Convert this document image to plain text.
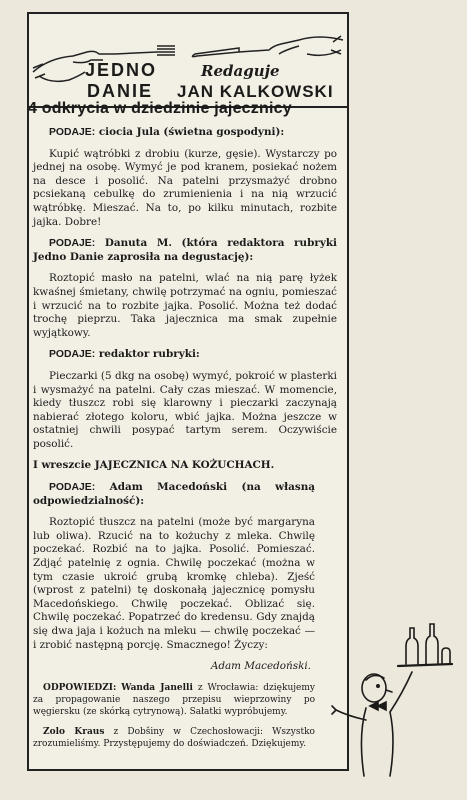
JEDNO
DANIE
Redaguje
JAN KALKOWSKI
4 odkrycia w dziedzinie jajecznicy

PODAJE: ciocia Jula (świetna gospodyni):

Kupić wątróbki z drobiu (kurze, gęsie). Wystarczy po jednej na osobę. Wymyć je pod kranem, posiekać nożem na desce i posolić. Na patelni przysmażyć drobno pcsiekaną cebulkę do zrumienienia i na nią wrzucić wątróbkę. Mieszać. Na to, po kilku minutach, rozbite jajka. Dobre!

PODAJE: Danuta M. (która redaktora rubryki Jedno Danie zaprosiła na degustację):

Roztopić masło na patelni, wlać na nią parę łyżek kwaśnej śmietany, chwilę potrzymać na ogniu, pomieszać i wrzucić na to rozbite jajka. Posolić. Można też dodać trochę pieprzu. Taka jajecznica ma smak zupełnie wyjątkowy.

PODAJE: redaktor rubryki:

Pieczarki (5 dkg na osobę) wymyć, pokroić w plasterki i wysmażyć na patelni. Cały czas mieszać. W momencie, kiedy tłuszcz robi się klarowny i pieczarki zaczynają nabierać złotego koloru, wbić jajka. Można jeszcze w ostatniej chwili posypać tartym serem. Oczywiście posolić.

I wreszcie JAJECZNICA NA KOŻUCHACH.

PODAJE: Adam Macedoński (na własną odpowiedzialność):

Roztopić tłuszcz na patelni (może być margaryna lub oliwa). Rzucić na to kożuchy z mleka. Chwilę poczekać. Rozbić na to jajka. Posolić. Pomieszać. Zdjąć patelnię z ognia. Chwilę poczekać (można w tym czasie ukroić grubą kromkę chleba). Zjeść (wprost z patelni) tę doskonałą jajecznicę pomysłu Macedońskiego. Chwilę poczekać. Oblizać się. Chwilę poczekać. Popatrzeć do kredensu. Gdy znajdą się dwa jaja i kożuch na mleku — chwilę poczekać — i zrobić następną porcję. Smacznego! Życzy:

Adam Macedoński.

ODPOWIEDZI: Wanda Janelli z Wrocławia: dziękujemy za propagowanie naszego przepisu wieprzowiny po węgiersku (ze skórką cytrynową). Sałatki wypróbujemy.

Zolo Kraus z Dobšiny w Czechosłowacji: Wszystko zrozumieliśmy. Przystępujemy do doświadczeń. Dziękujemy.
